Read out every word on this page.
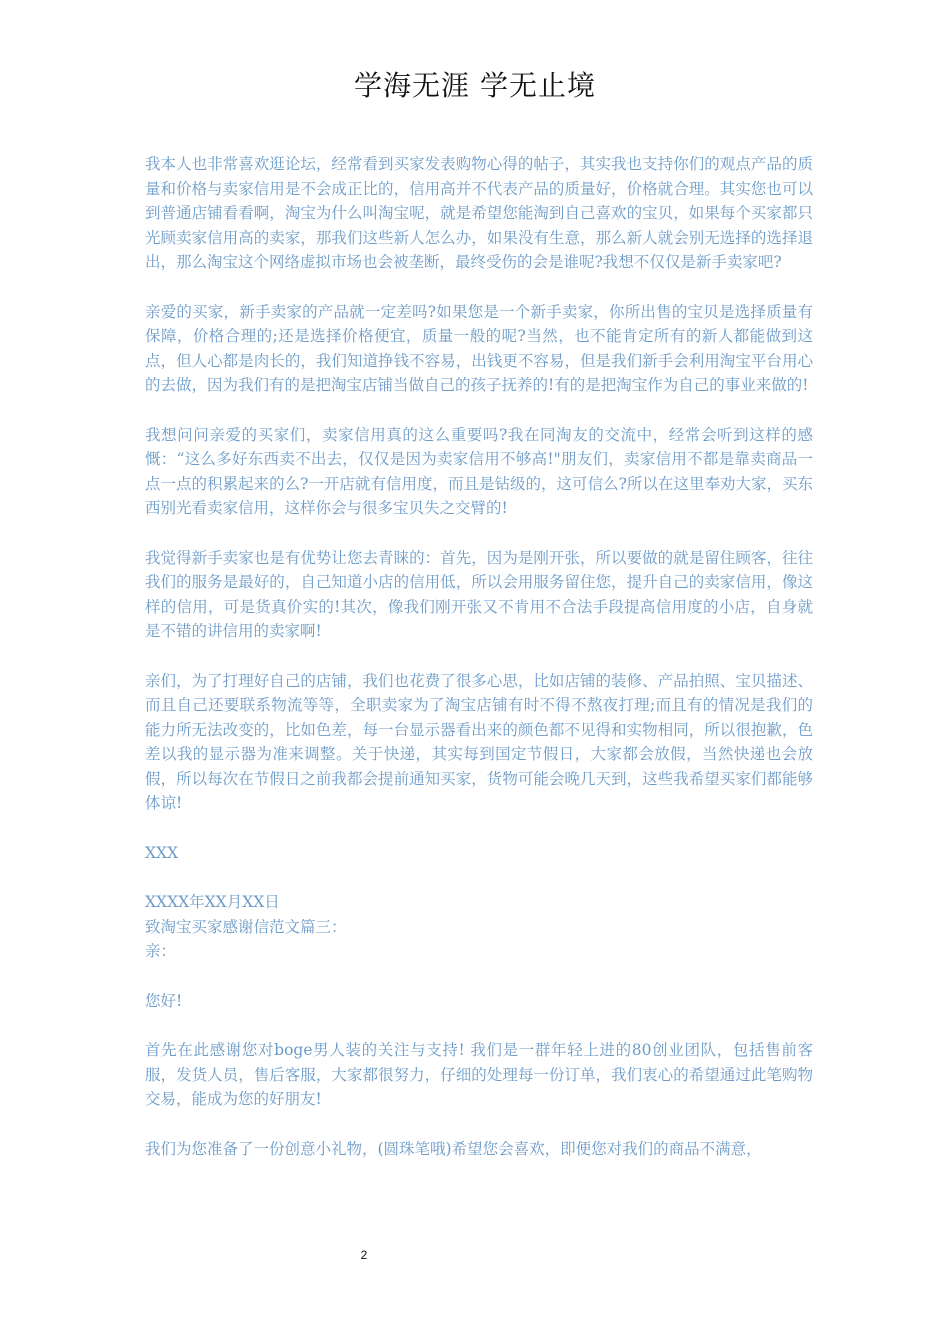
学海无涯 学无止境

我本人也非常喜欢逛论坛，经常看到买家发表购物心得的帖子，其实我也支持你们的观点产品的质量和价格与卖家信用是不会成正比的，信用高并不代表产品的质量好，价格就合理。其实您也可以到普通店铺看看啊，淘宝为什么叫淘宝呢，就是希望您能淘到自己喜欢的宝贝，如果每个买家都只光顾卖家信用高的卖家，那我们这些新人怎么办，如果没有生意，那么新人就会别无选择的选择退出，那么淘宝这个网络虚拟市场也会被垄断，最终受伤的会是谁呢?我想不仅仅是新手卖家吧?

亲爱的买家，新手卖家的产品就一定差吗?如果您是一个新手卖家，你所出售的宝贝是选择质量有保障，价格合理的;还是选择价格便宜，质量一般的呢?当然，也不能肯定所有的新人都能做到这点，但人心都是肉长的，我们知道挣钱不容易，出钱更不容易，但是我们新手会利用淘宝平台用心的去做，因为我们有的是把淘宝店铺当做自己的孩子抚养的!有的是把淘宝作为自己的事业来做的!

我想问问亲爱的买家们，卖家信用真的这么重要吗?我在同淘友的交流中，经常会听到这样的感慨：“这么多好东西卖不出去，仅仅是因为卖家信用不够高!"朋友们，卖家信用不都是靠卖商品一点一点的积累起来的么?一开店就有信用度，而且是钻级的，这可信么?所以在这里奉劝大家，买东西别光看卖家信用，这样你会与很多宝贝失之交臂的!

我觉得新手卖家也是有优势让您去青睐的：首先，因为是刚开张，所以要做的就是留住顾客，往往我们的服务是最好的，自己知道小店的信用低，所以会用服务留住您，提升自己的卖家信用，像这样的信用，可是货真价实的!其次，像我们刚开张又不肯用不合法手段提高信用度的小店，自身就是不错的讲信用的卖家啊!

亲们，为了打理好自己的店铺，我们也花费了很多心思，比如店铺的装修、产品拍照、宝贝描述、而且自己还要联系物流等等，全职卖家为了淘宝店铺有时不得不熬夜打理;而且有的情况是我们的能力所无法改变的，比如色差，每一台显示器看出来的颜色都不见得和实物相同，所以很抱歉，色差以我的显示器为准来调整。关于快递，其实每到国定节假日，大家都会放假，当然快递也会放假，所以每次在节假日之前我都会提前通知买家，货物可能会晚几天到，这些我希望买家们都能够体谅!

XXX

XXXX年XX月XX日

致淘宝买家感谢信范文篇三：

亲：

您好!

首先在此感谢您对boge男人装的关注与支持! 我们是一群年轻上进的80创业团队，包括售前客服，发货人员，售后客服，大家都很努力，仔细的处理每一份订单，我们衷心的希望通过此笔购物交易，能成为您的好朋友!

我们为您准备了一份创意小礼物，(圆珠笔哦)希望您会喜欢，即便您对我们的商品不满意，

2
